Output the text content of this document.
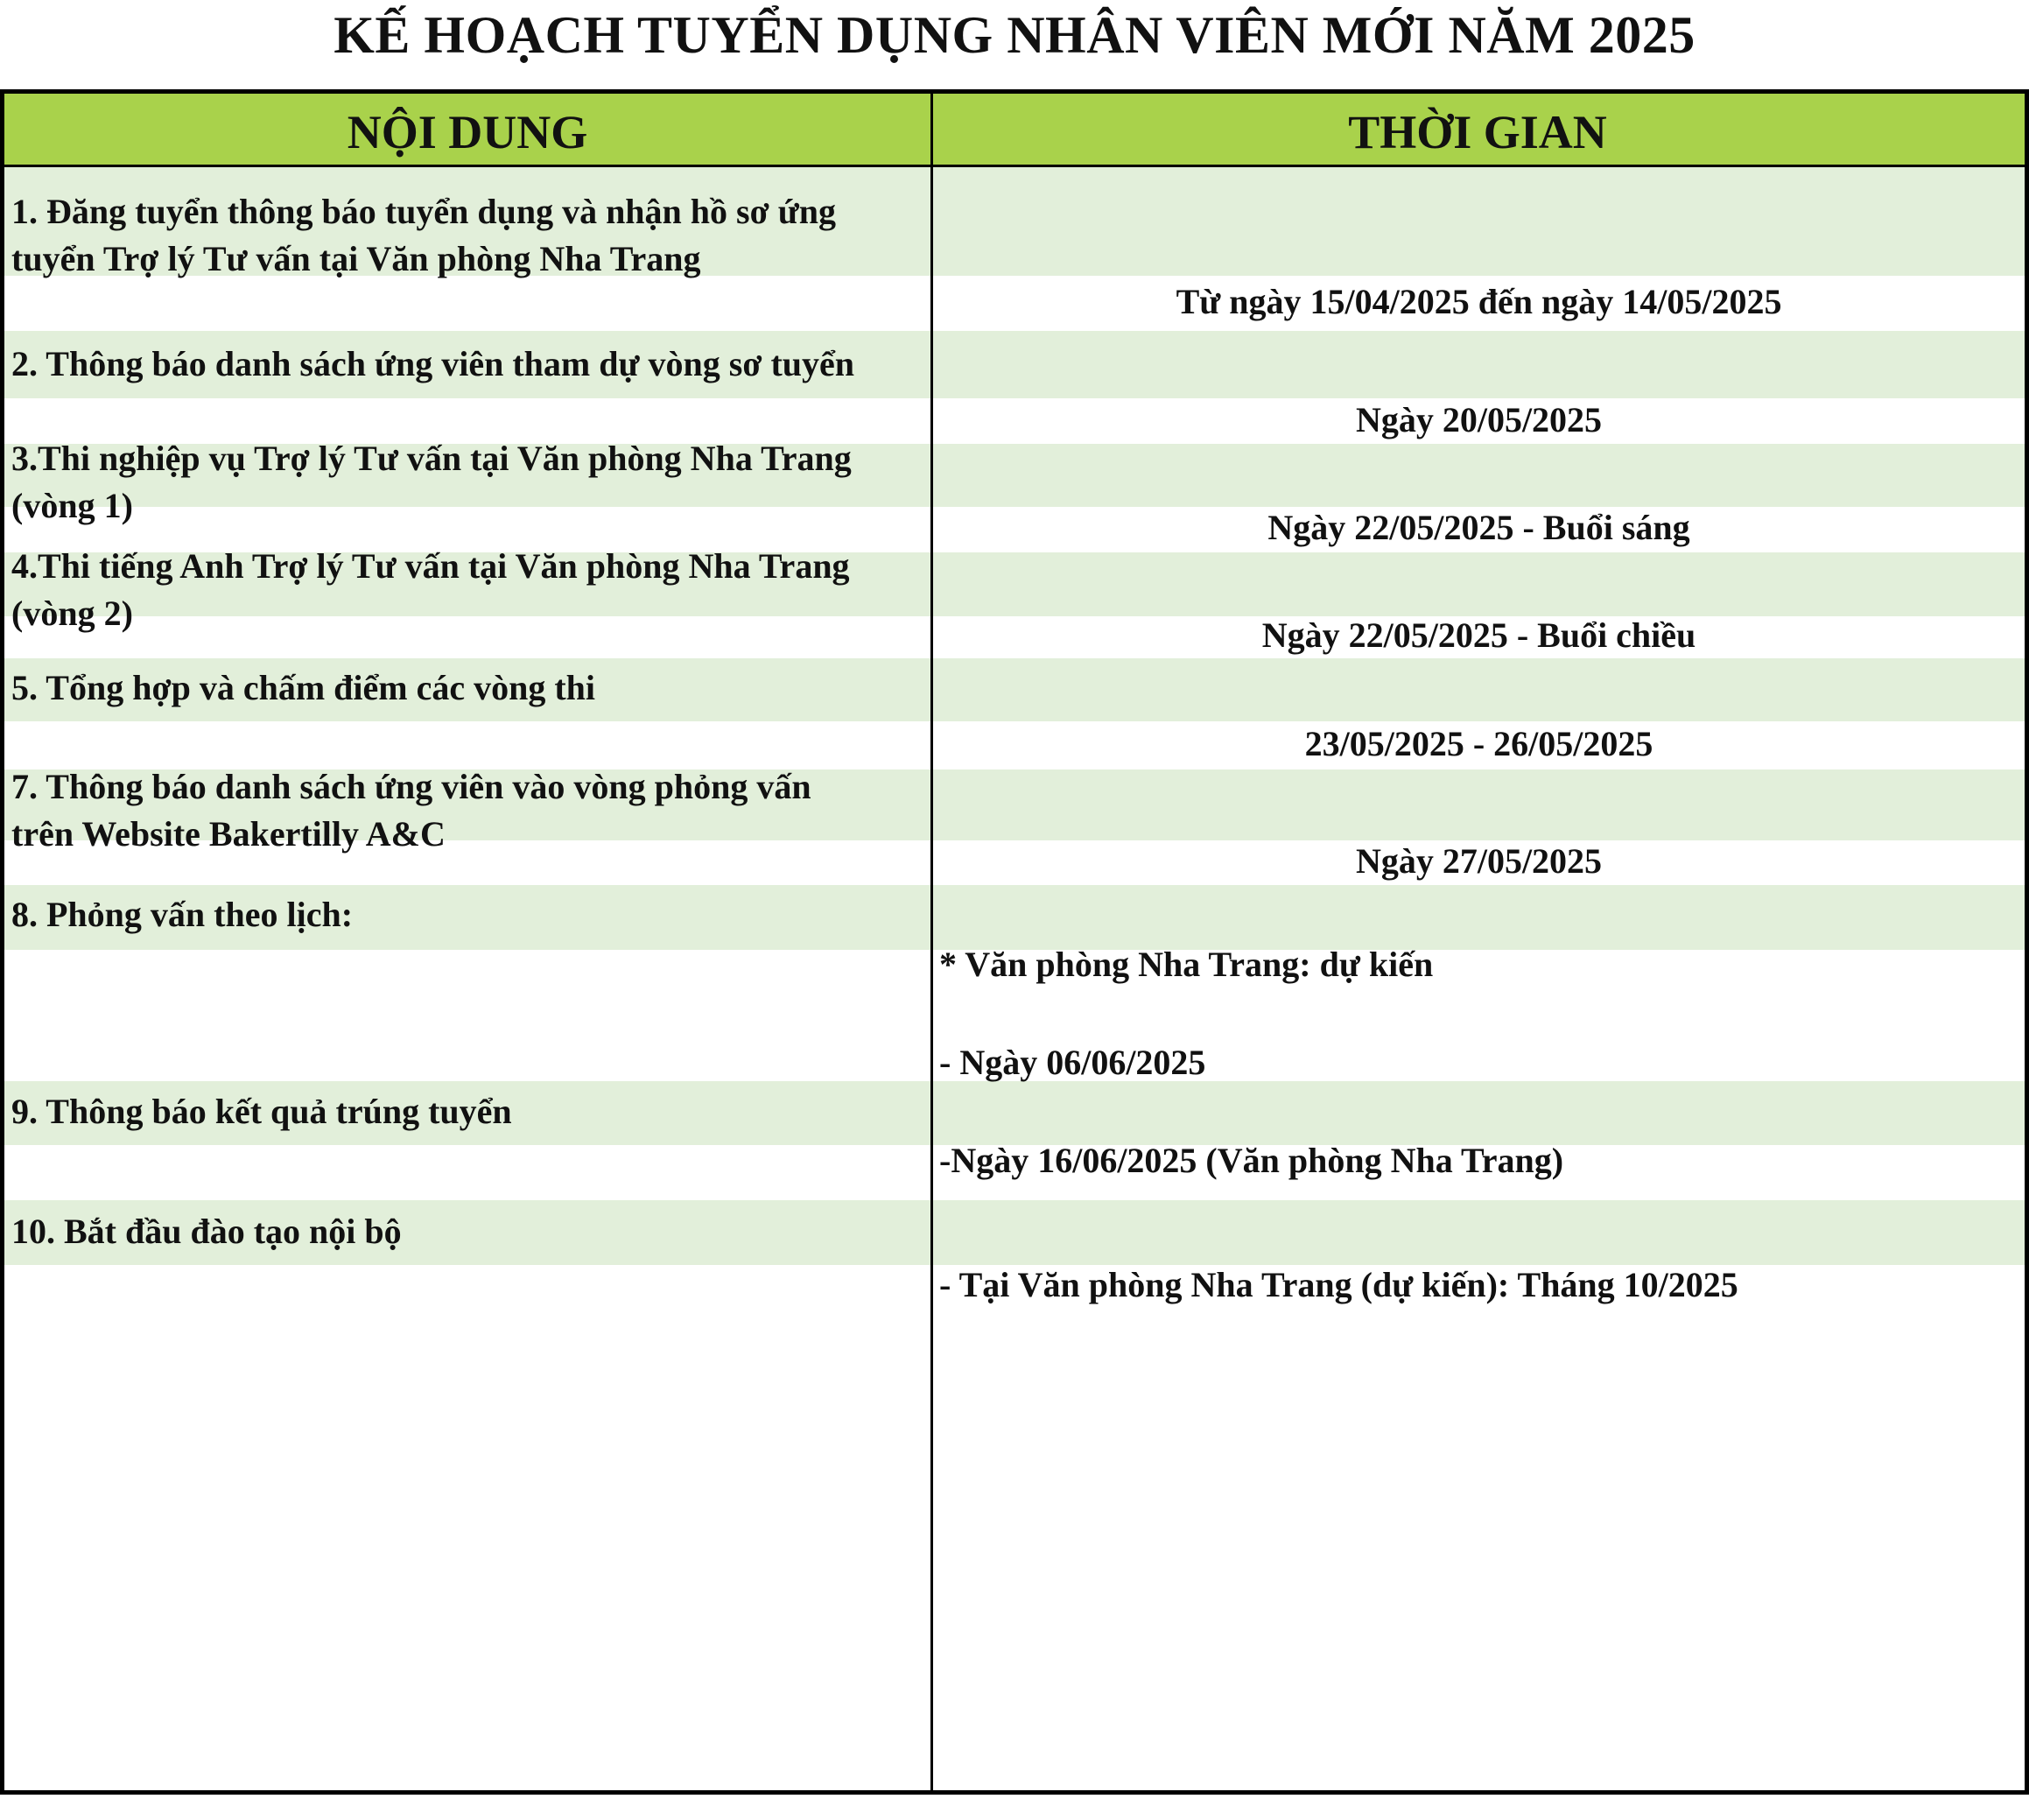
KẾ HOẠCH TUYỂN DỤNG NHÂN VIÊN MỚI NĂM 2025
NỘI DUNG	THỜI GIAN
1. Đăng tuyển thông báo tuyển dụng và nhận hồ sơ ứng
tuyển Trợ lý Tư vấn tại Văn phòng Nha Trang
Từ ngày 15/04/2025 đến ngày 14/05/2025
2. Thông báo danh sách ứng viên tham dự vòng sơ tuyển
Ngày 20/05/2025
3.Thi nghiệp vụ Trợ lý Tư vấn tại Văn phòng Nha Trang
(vòng 1)
Ngày 22/05/2025 - Buổi sáng
4.Thi tiếng Anh Trợ lý Tư vấn tại Văn phòng Nha Trang
(vòng 2)
Ngày 22/05/2025 - Buổi chiều
5. Tổng hợp và chấm điểm các vòng thi
23/05/2025 - 26/05/2025
7. Thông báo danh sách ứng viên vào vòng phỏng vấn
trên Website Bakertilly A&C
Ngày 27/05/2025
8. Phỏng vấn theo lịch:
* Văn phòng Nha Trang: dự kiến
- Ngày 06/06/2025
9. Thông báo kết quả trúng tuyển
-Ngày 16/06/2025 (Văn phòng Nha Trang)
10. Bắt đầu đào tạo nội bộ
- Tại Văn phòng Nha Trang (dự kiến): Tháng 10/2025
